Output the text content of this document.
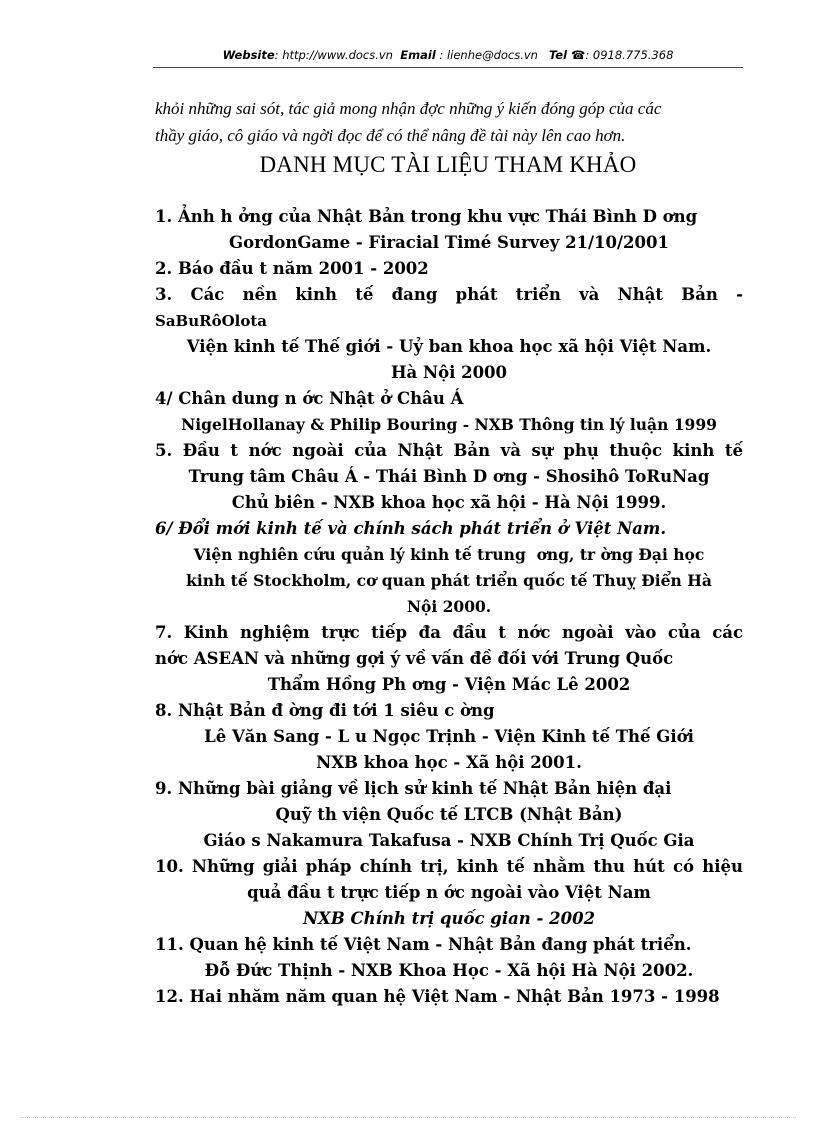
Website: http://www.docs.vn Email : lienhe@docs.vn Tel ☎: 0918.775.368
khỏi những sai sót, tác giả mong nhận đợc những ý kiến đóng góp của các
thầy giáo, cô giáo và ngời đọc để có thể nâng đề tài này lên cao hơn.
DANH MỤC TÀI LIỆU THAM KHẢO
1. Ảnh h ởng của Nhật Bản trong khu vực Thái Bình D ơng
GordonGame - Firacial Timé Survey 21/10/2001
2. Báo đầu t năm 2001 - 2002
3. Các nền kinh tế đang phát triển và Nhật Bản -
SaBuRôOlota
Viện kinh tế Thế giới - Uỷ ban khoa học xã hội Việt Nam.
Hà Nội 2000
4/ Chân dung n ớc Nhật ở Châu Á
NigelHollanay & Philip Bouring - NXB Thông tin lý luận 1999
5. Đầu t nớc ngoài của Nhật Bản và sự phụ thuộc kinh tế
Trung tâm Châu Á - Thái Bình D ơng - Shosihô ToRuNag
Chủ biên - NXB khoa học xã hội - Hà Nội 1999.
6/ Đổi mới kinh tế và chính sách phát triển ở Việt Nam.
Viện nghiên cứu quản lý kinh tế trung ơng, tr ờng Đại học
kinh tế Stockholm, cơ quan phát triển quốc tế Thuỵ Điển Hà
Nội 2000.
7. Kinh nghiệm trực tiếp đa đầu t nớc ngoài vào của các
nớc ASEAN và những gợi ý về vấn đề đối với Trung Quốc
Thẩm Hồng Ph ơng - Viện Mác Lê 2002
8. Nhật Bản đ ờng đi tới 1 siêu c ờng
Lê Văn Sang - L u Ngọc Trịnh - Viện Kinh tế Thế Giới
NXB khoa học - Xã hội 2001.
9. Những bài giảng về lịch sử kinh tế Nhật Bản hiện đại
Quỹ th viện Quốc tế LTCB (Nhật Bản)
Giáo s Nakamura Takafusa - NXB Chính Trị Quốc Gia
10. Những giải pháp chính trị, kinh tế nhằm thu hút có hiệu
quả đầu t trực tiếp n ớc ngoài vào Việt Nam
NXB Chính trị quốc gian - 2002
11. Quan hệ kinh tế Việt Nam - Nhật Bản đang phát triển.
Đỗ Đức Thịnh - NXB Khoa Học - Xã hội Hà Nội 2002.
12. Hai nhăm năm quan hệ Việt Nam - Nhật Bản 1973 - 1998
